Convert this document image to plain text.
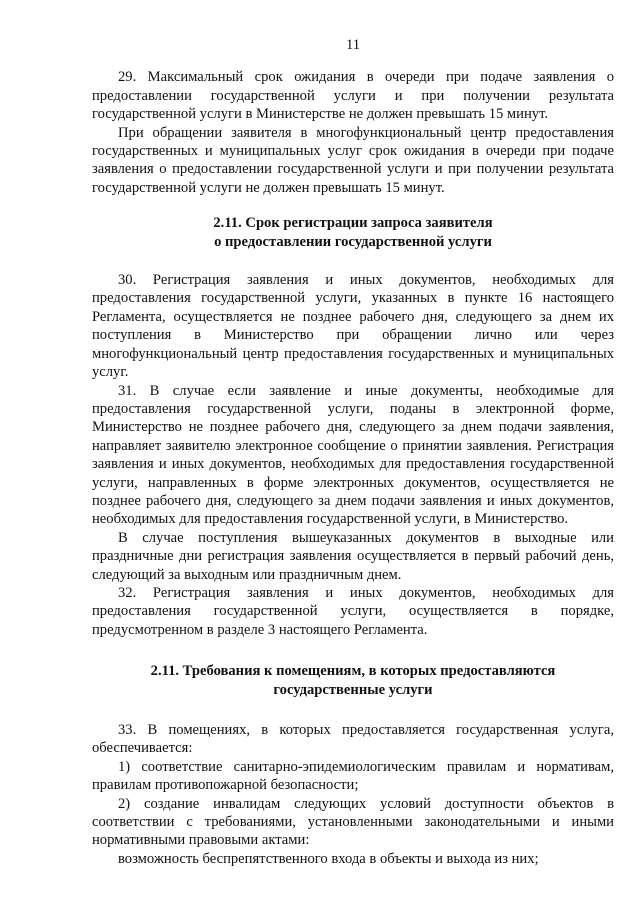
11

29. Максимальный срок ожидания в очереди при подаче заявления о предоставлении государственной услуги и при получении результата государственной услуги в Министерстве не должен превышать 15 минут.

При обращении заявителя в многофункциональный центр предоставления государственных и муниципальных услуг срок ожидания в очереди при подаче заявления о предоставлении государственной услуги и при получении результата государственной услуги не должен превышать 15 минут.

2.11. Срок регистрации запроса заявителя
о предоставлении государственной услуги

30. Регистрация заявления и иных документов, необходимых для предоставления государственной услуги, указанных в пункте 16 настоящего Регламента, осуществляется не позднее рабочего дня, следующего за днем их поступления в Министерство при обращении лично или через многофункциональный центр предоставления государственных и муниципальных услуг.

31. В случае если заявление и иные документы, необходимые для предоставления государственной услуги, поданы в электронной форме, Министерство не позднее рабочего дня, следующего за днем подачи заявления, направляет заявителю электронное сообщение о принятии заявления. Регистрация заявления и иных документов, необходимых для предоставления государственной услуги, направленных в форме электронных документов, осуществляется не позднее рабочего дня, следующего за днем подачи заявления и иных документов, необходимых для предоставления государственной услуги, в Министерство.

В случае поступления вышеуказанных документов в выходные или праздничные дни регистрация заявления осуществляется в первый рабочий день, следующий за выходным или праздничным днем.

32. Регистрация заявления и иных документов, необходимых для предоставления государственной услуги, осуществляется в порядке, предусмотренном в разделе 3 настоящего Регламента.

2.11. Требования к помещениям, в которых предоставляются
государственные услуги

33. В помещениях, в которых предоставляется государственная услуга, обеспечивается:

1) соответствие санитарно-эпидемиологическим правилам и нормативам, правилам противопожарной безопасности;

2) создание инвалидам следующих условий доступности объектов в соответствии с требованиями, установленными законодательными и иными нормативными правовыми актами:

возможность беспрепятственного входа в объекты и выхода из них;
